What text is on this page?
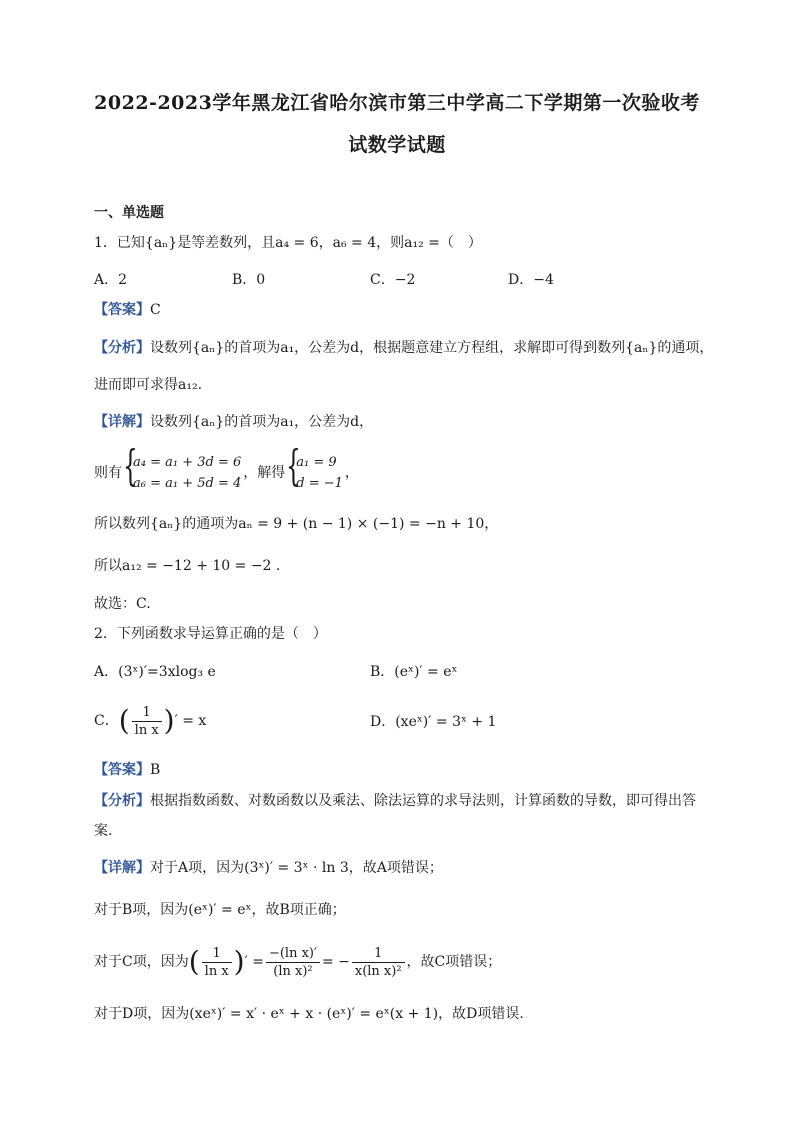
2022-2023学年黑龙江省哈尔滨市第三中学高二下学期第一次验收考
试数学试题
一、单选题
1．已知{aₙ}是等差数列，且a₄ = 6，a₆ = 4，则a₁₂ =（　）
A．2	B．0	C．−2	D．−4
【答案】C
【分析】设数列{aₙ}的首项为a₁，公差为d，根据题意建立方程组，求解即可得到数列{aₙ}的通项，
进而即可求得a₁₂.
【详解】设数列{aₙ}的首项为a₁，公差为d，
则有 {
a₄ = a₁ + 3d = 6
a₆ = a₁ + 5d = 4
，解得 {
a₁ = 9
d = −1
，
所以数列{aₙ}的通项为aₙ = 9 + (n − 1) × (−1) = −n + 10，
所以a₁₂ = −12 + 10 = −2 .
故选：C.
2．下列函数求导运算正确的是（　）
A．(3ˣ)′=3xlog₃ e	B．(eˣ)′ = eˣ
C．( $\frac{1}{\text{ln x}}$ )′ = x	D．(xeˣ)′ = 3ˣ + 1
【答案】B
【分析】根据指数函数、对数函数以及乘法、除法运算的求导法则，计算函数的导数，即可得出答
案.
【详解】对于A项，因为(3ˣ)′ = 3ˣ · ln 3，故A项错误；
对于B项，因为(eˣ)′ = eˣ，故B项正确；
对于C项，因为( $\frac{1}{\text{ln x}}$ )′ = $\frac{\text{−(ln x)′}}{\text{(ln x)²}}$ = − $\frac{1}{\text{x(ln x)²}}$ ，故C项错误；
对于D项，因为(xeˣ)′ = x′ · eˣ + x · (eˣ)′ = eˣ(x + 1)，故D项错误.
